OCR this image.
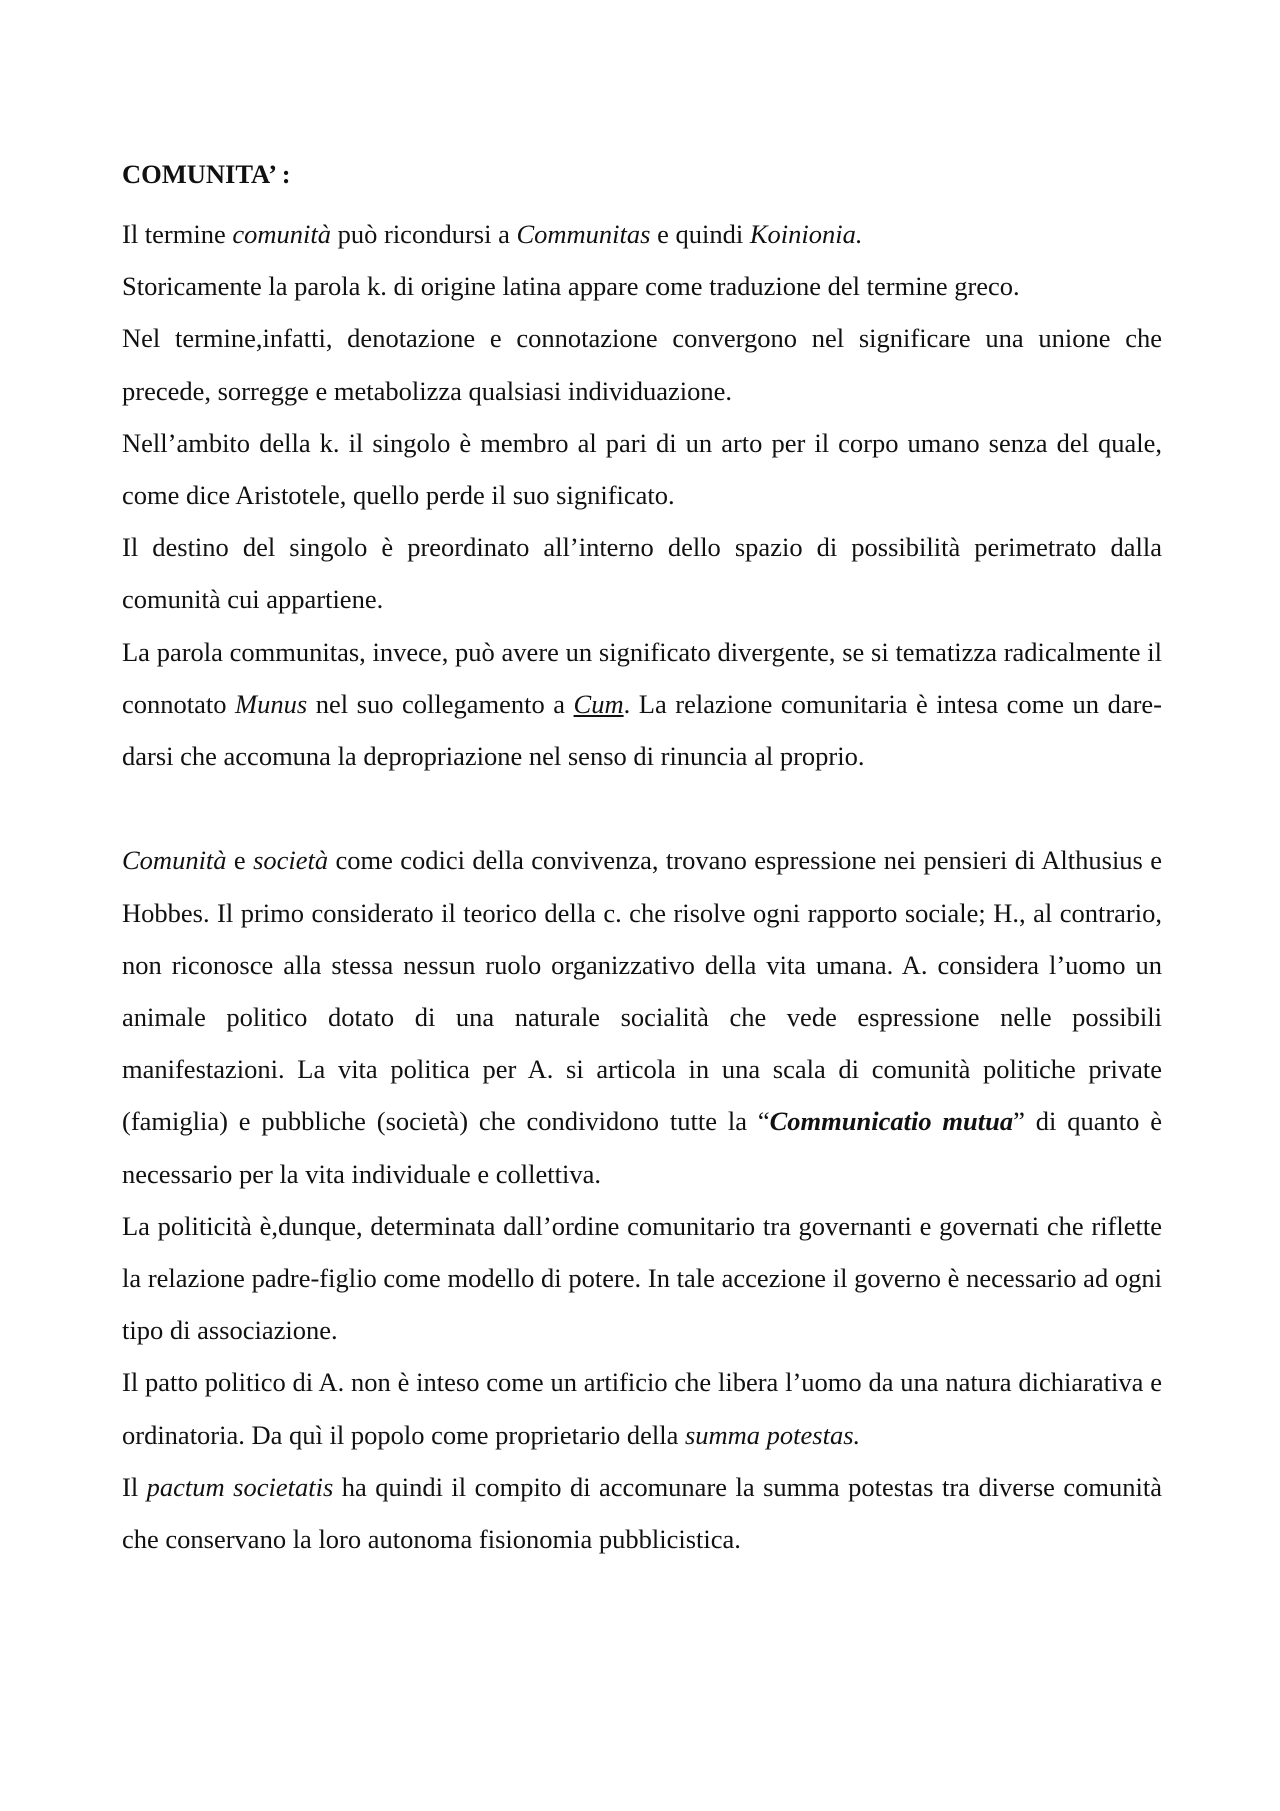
COMUNITA’ :

Il termine comunità può ricondursi a Communitas e quindi Koinionia.

Storicamente la parola k. di origine latina appare come traduzione del termine greco.

Nel termine,infatti, denotazione e connotazione convergono nel significare una unione che precede, sorregge e metabolizza qualsiasi individuazione.

Nell’ambito della k. il singolo è membro al pari di un arto per il corpo umano senza del quale, come dice Aristotele, quello perde il suo significato.

Il destino del singolo è preordinato all’interno dello spazio di possibilità perimetrato dalla comunità cui appartiene.

La parola communitas, invece, può avere un significato divergente, se si tematizza radicalmente il connotato Munus nel suo collegamento a Cum. La relazione comunitaria è intesa come un dare-darsi che accomuna la depropriazione nel senso di rinuncia al proprio.

Comunità e società come codici della convivenza, trovano espressione nei pensieri di Althusius e Hobbes. Il primo considerato il teorico della c. che risolve ogni rapporto sociale; H., al contrario, non riconosce alla stessa nessun ruolo organizzativo della vita umana. A. considera l’uomo un animale politico dotato di una naturale socialità che vede espressione nelle possibili manifestazioni. La vita politica per A. si articola in una scala di comunità politiche private (famiglia) e pubbliche (società) che condividono tutte la “Communicatio mutua” di quanto è necessario per la vita individuale e collettiva.

La politicità è,dunque, determinata dall’ordine comunitario tra governanti e governati che riflette la relazione padre-figlio come modello di potere. In tale accezione il governo è necessario ad ogni tipo di associazione.

Il patto politico di A. non è inteso come un artificio che libera l’uomo da una natura dichiarativa e ordinatoria. Da quì il popolo come proprietario della summa potestas.

Il pactum societatis ha quindi il compito di accomunare la summa potestas tra diverse comunità che conservano la loro autonoma fisionomia pubblicistica.
